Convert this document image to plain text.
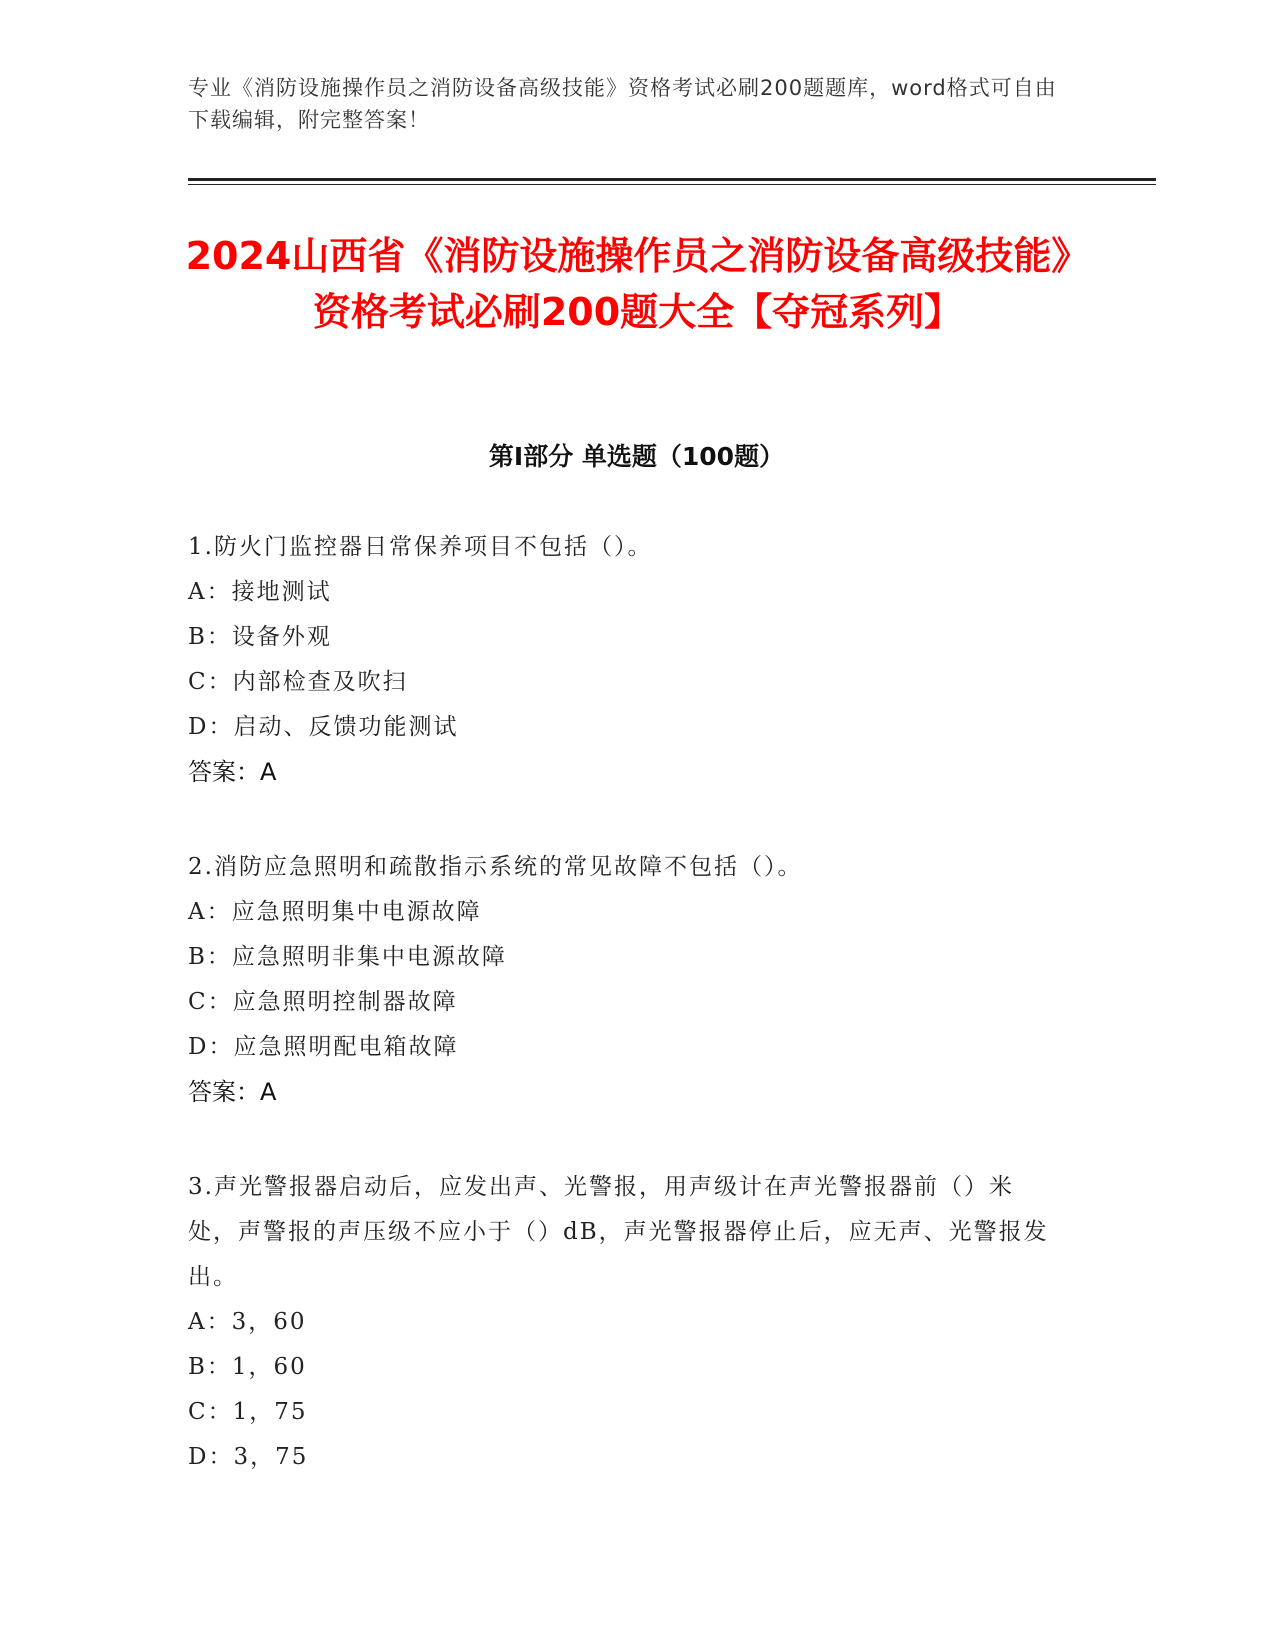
专业《消防设施操作员之消防设备高级技能》资格考试必刷200题题库，word格式可自由下载编辑，附完整答案！
2024山西省《消防设施操作员之消防设备高级技能》资格考试必刷200题大全【夺冠系列】
第I部分 单选题（100题）
1.防火门监控器日常保养项目不包括（）。
A：接地测试
B：设备外观
C：内部检查及吹扫
D：启动、反馈功能测试
答案：A
2.消防应急照明和疏散指示系统的常见故障不包括（）。
A：应急照明集中电源故障
B：应急照明非集中电源故障
C：应急照明控制器故障
D：应急照明配电箱故障
答案：A
3.声光警报器启动后，应发出声、光警报，用声级计在声光警报器前（）米处，声警报的声压级不应小于（）dB，声光警报器停止后，应无声、光警报发出。
A：3，60
B：1，60
C：1，75
D：3，75
